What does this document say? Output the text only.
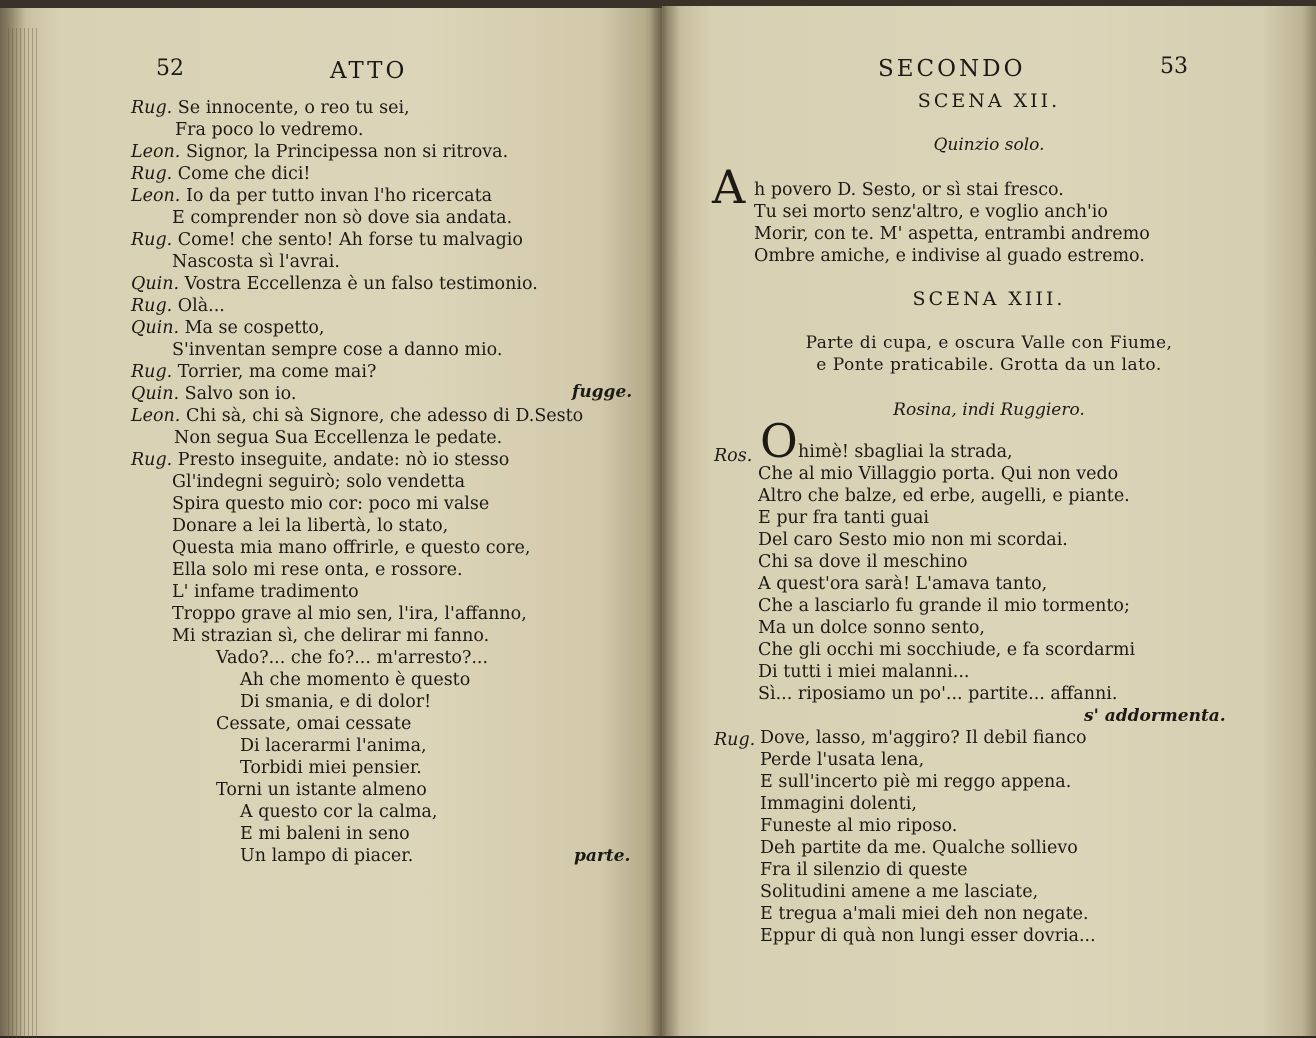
52	ATTO
Rug. Se innocente, o reo tu sei,
Fra poco lo vedremo.
Leon. Signor, la Principessa non si ritrova.
Rug. Come che dici!
Leon. Io da per tutto invan l'ho ricercata
E comprender non sò dove sia andata.
Rug. Come! che sento! Ah forse tu malvagio
Nascosta sì l'avrai.
Quin. Vostra Eccellenza è un falso testimonio.
Rug. Olà...
Quin. Ma se cospetto,
S'inventan sempre cose a danno mio.
Rug. Torrier, ma come mai?
Quin. Salvo son io.	fugge.
Leon. Chi sà, chi sà Signore, che adesso di D.Sesto
Non segua Sua Eccellenza le pedate.
Rug. Presto inseguite, andate: nò io stesso
Gl'indegni seguirò; solo vendetta
Spira questo mio cor: poco mi valse
Donare a lei la libertà, lo stato,
Questa mia mano offrirle, e questo core,
Ella solo mi rese onta, e rossore.
L' infame tradimento
Troppo grave al mio sen, l'ira, l'affanno,
Mi strazian sì, che delirar mi fanno.
Vado?... che fo?... m'arresto?...
Ah che momento è questo
Di smania, e di dolor!
Cessate, omai cessate
Di lacerarmi l'anima,
Torbidi miei pensier.
Torni un istante almeno
A questo cor la calma,
E mi baleni in seno
Un lampo di piacer.	parte.
SECONDO	53
SCENA XII.
Quinzio solo.
A h povero D. Sesto, or sì stai fresco.
Tu sei morto senz'altro, e voglio anch'io
Morir, con te. M' aspetta, entrambi andremo
Ombre amiche, e indivise al guado estremo.
SCENA XIII.
Parte di cupa, e oscura Valle con Fiume,
e Ponte praticabile. Grotta da un lato.
Rosina, indi Ruggiero.
Ros. O himè! sbagliai la strada,
Che al mio Villaggio porta. Qui non vedo
Altro che balze, ed erbe, augelli, e piante.
E pur fra tanti guai
Del caro Sesto mio non mi scordai.
Chi sa dove il meschino
A quest'ora sarà! L'amava tanto,
Che a lasciarlo fu grande il mio tormento;
Ma un dolce sonno sento,
Che gli occhi mi socchiude, e fa scordarmi
Di tutti i miei malanni...
Sì... riposiamo un po'... partite... affanni.
s' addormenta.
Rug. Dove, lasso, m'aggiro? Il debil fianco
Perde l'usata lena,
E sull'incerto piè mi reggo appena.
Immagini dolenti,
Funeste al mio riposo.
Deh partite da me. Qualche sollievo
Fra il silenzio di queste
Solitudini amene a me lasciate,
E tregua a'mali miei deh non negate.
Eppur di quà non lungi esser dovria...
